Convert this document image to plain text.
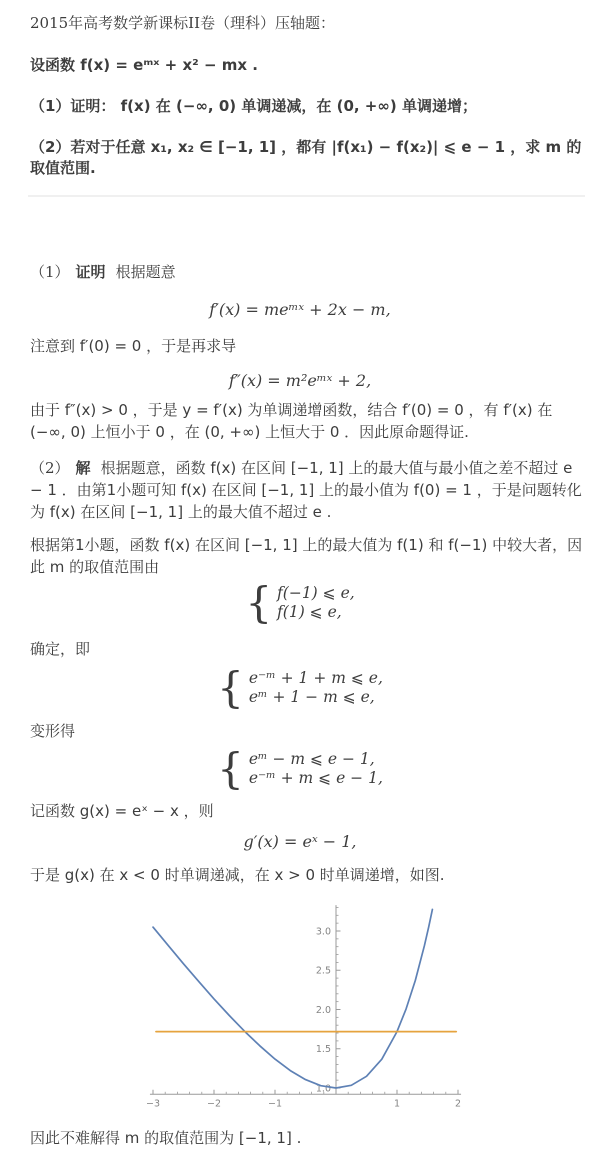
2015年高考数学新课标II卷（理科）压轴题：

设函数 f(x) = eᵐˣ + x² − mx .

（1）证明： f(x) 在 (−∞, 0) 单调递减，在 (0, +∞) 单调递增；

（2）若对于任意 x₁, x₂ ∈ [−1, 1] ，都有 |f(x₁) − f(x₂)| ⩽ e − 1 ，求 m 的取值范围.

（1） 证明 根据题意

f′(x) = meᵐˣ + 2x − m,

注意到 f′(0) = 0 ，于是再求导

f″(x) = m²eᵐˣ + 2,

由于 f″(x) > 0 ，于是 y = f′(x) 为单调递增函数，结合 f′(0) = 0 ，有 f′(x) 在 (−∞, 0) 上恒小于 0 ，在 (0, +∞) 上恒大于 0 ．因此原命题得证.

（2） 解 根据题意，函数 f(x) 在区间 [−1, 1] 上的最大值与最小值之差不超过 e − 1 ．由第1小题可知 f(x) 在区间 [−1, 1] 上的最小值为 f(0) = 1 ，于是问题转化为 f(x) 在区间 [−1, 1] 上的最大值不超过 e .

根据第1小题，函数 f(x) 在区间 [−1, 1] 上的最大值为 f(1) 和 f(−1) 中较大者，因此 m 的取值范围由

{ f(−1) ⩽ e,
f(1) ⩽ e,

确定，即

{ e⁻ᵐ + 1 + m ⩽ e,
eᵐ + 1 − m ⩽ e,

变形得

{ eᵐ − m ⩽ e − 1,
e⁻ᵐ + m ⩽ e − 1,

记函数 g(x) = eˣ − x ，则

g′(x) = eˣ − 1,

于是 g(x) 在 x < 0 时单调递减，在 x > 0 时单调递增，如图.

−3	−2	−1	1	2
1.0
1.5
2.0
2.5
3.0

因此不难解得 m 的取值范围为 [−1, 1] .
